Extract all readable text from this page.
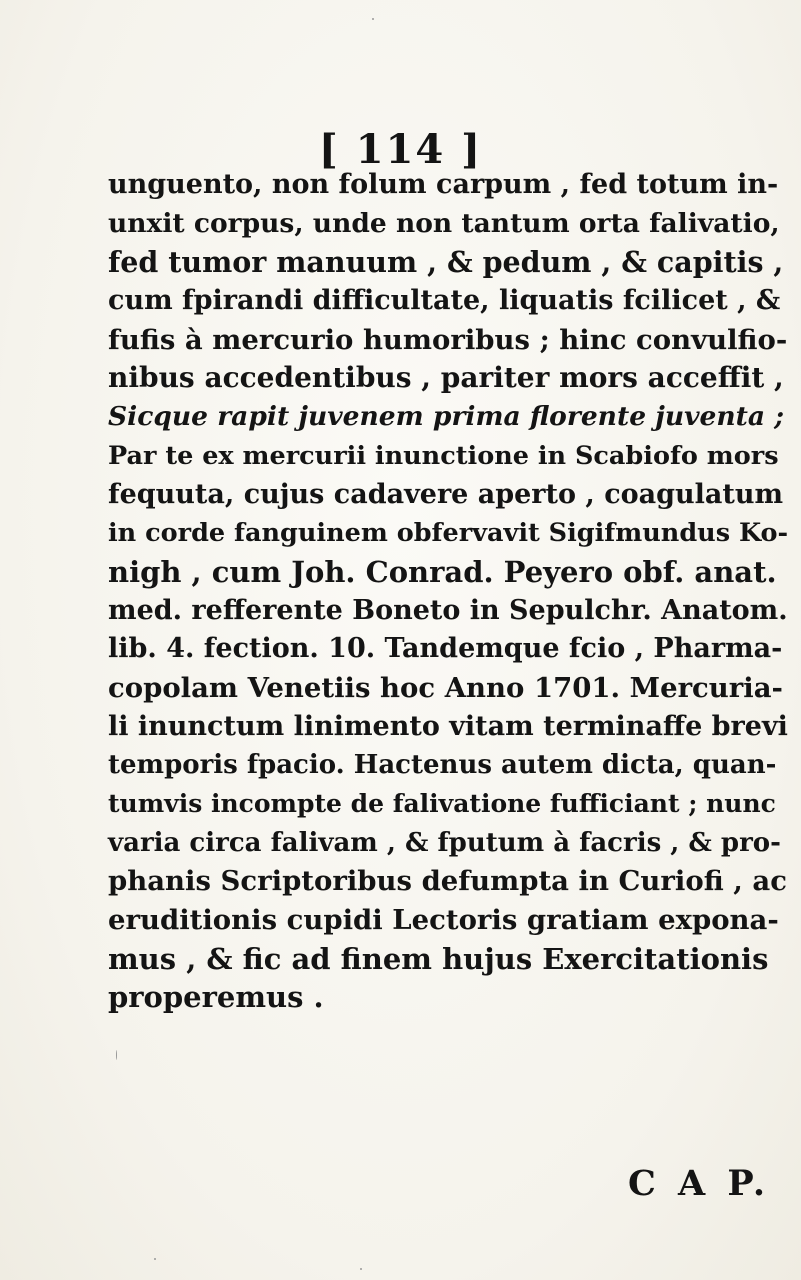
[ 114 ]
unguento, non folum carpum , fed totum in-
unxit corpus, unde non tantum orta falivatio,
fed tumor manuum , & pedum , & capitis ,
cum fpirandi difficultate, liquatis fcilicet , &
fufis à mercurio humoribus ; hinc convulfio-
nibus accedentibus , pariter mors acceffit ,
Sicque rapit juvenem prima florente juventa ;
Par te ex mercurii inunctione in Scabiofo mors
fequuta, cujus cadavere aperto , coagulatum
in corde fanguinem obfervavit Sigifmundus Ko-
nigh , cum Joh. Conrad. Peyero obf. anat.
med. refferente Boneto in Sepulchr. Anatom.
lib. 4. fection. 10. Tandemque fcio , Pharma-
copolam Venetiis hoc Anno 1701. Mercuria-
li inunctum linimento vitam terminaffe brevi
temporis fpacio. Hactenus autem dicta, quan-
tumvis incompte de falivatione fufficiant ; nunc
varia circa falivam , & fputum à facris , & pro-
phanis Scriptoribus defumpta in Curiofi , ac
eruditionis cupidi Lectoris gratiam expona-
mus , & fic ad finem hujus Exercitationis
properemus .
C A P.
